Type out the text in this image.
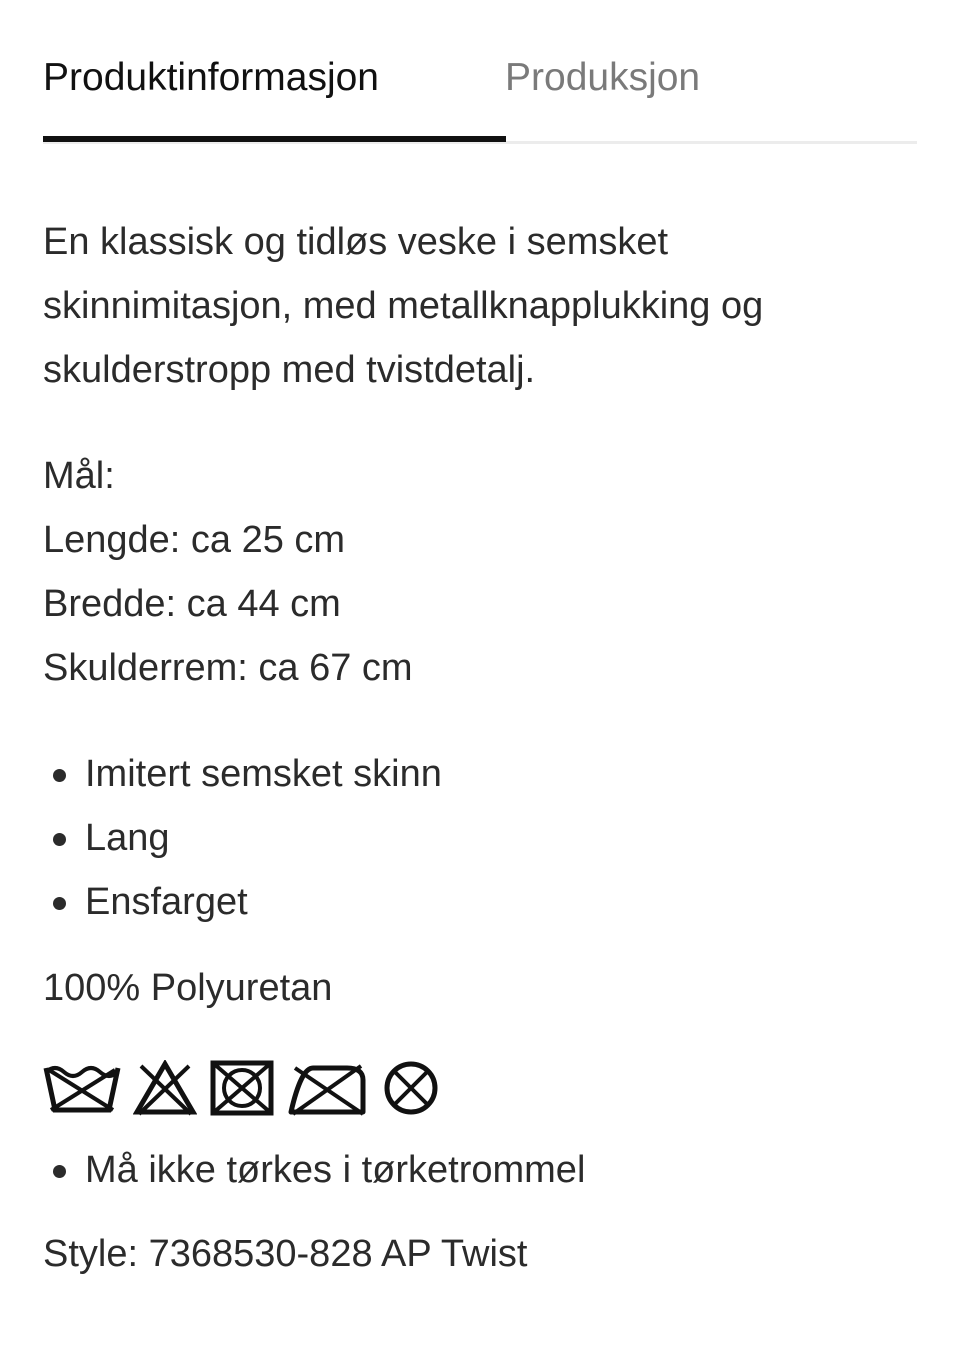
Produktinformasjon	Produksjon
En klassisk og tidløs veske i semsket
skinnimitasjon, med metallknapplukking og
skulderstropp med tvistdetalj.
Mål:
Lengde: ca 25 cm
Bredde: ca 44 cm
Skulderrem: ca 67 cm
Imitert semsket skinn
Lang
Ensfarget
100% Polyuretan
Må ikke tørkes i tørketrommel
Style: 7368530-828 AP Twist
